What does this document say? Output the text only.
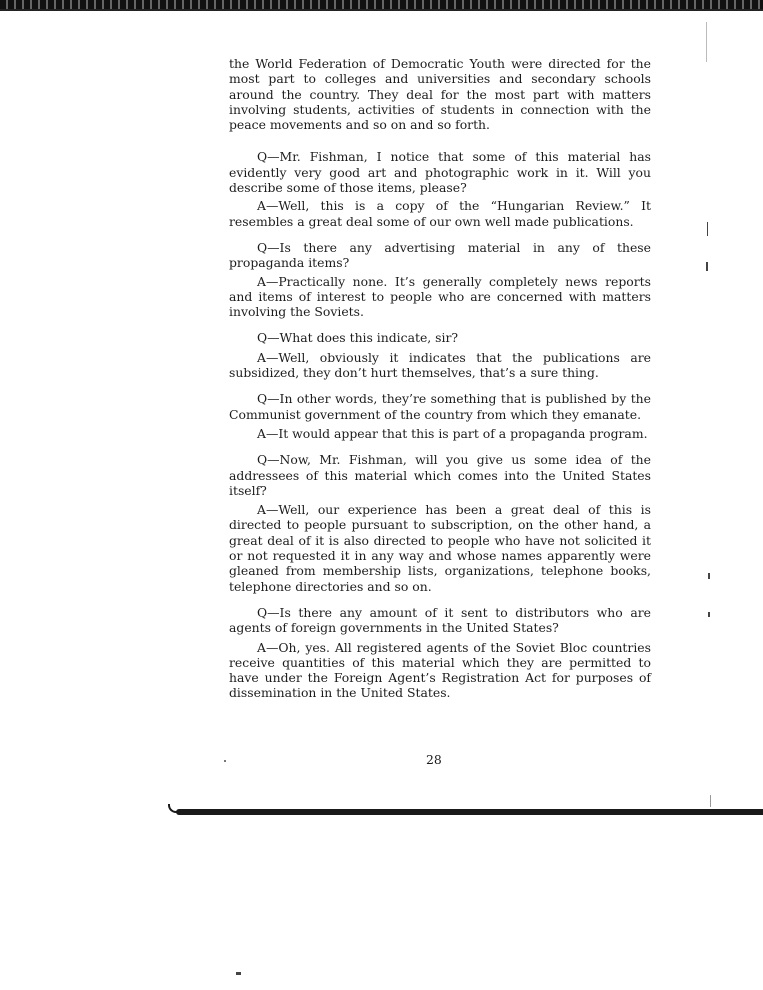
the World Federation of Democratic Youth were directed for the most part to colleges and universities and secondary schools around the country. They deal for the most part with matters involving students, activities of students in connection with the peace movements and so on and so forth.

Q—Mr. Fishman, I notice that some of this material has evidently very good art and photographic work in it. Will you describe some of those items, please?

A—Well, this is a copy of the “Hungarian Review.” It resembles a great deal some of our own well made publications.

Q—Is there any advertising material in any of these propaganda items?

A—Practically none. It’s generally completely news reports and items of interest to people who are concerned with matters involving the Soviets.

Q—What does this indicate, sir?

A—Well, obviously it indicates that the publications are subsidized, they don’t hurt themselves, that’s a sure thing.

Q—In other words, they’re something that is published by the Communist government of the country from which they emanate.

A—It would appear that this is part of a propaganda program.

Q—Now, Mr. Fishman, will you give us some idea of the addressees of this material which comes into the United States itself?

A—Well, our experience has been a great deal of this is directed to people pursuant to subscription, on the other hand, a great deal of it is also directed to people who have not solicited it or not requested it in any way and whose names apparently were gleaned from membership lists, organizations, telephone books, telephone directories and so on.

Q—Is there any amount of it sent to distributors who are agents of foreign governments in the United States?

A—Oh, yes. All registered agents of the Soviet Bloc countries receive quantities of this material which they are permitted to have under the Foreign Agent’s Registration Act for purposes of dissemination in the United States.

28
